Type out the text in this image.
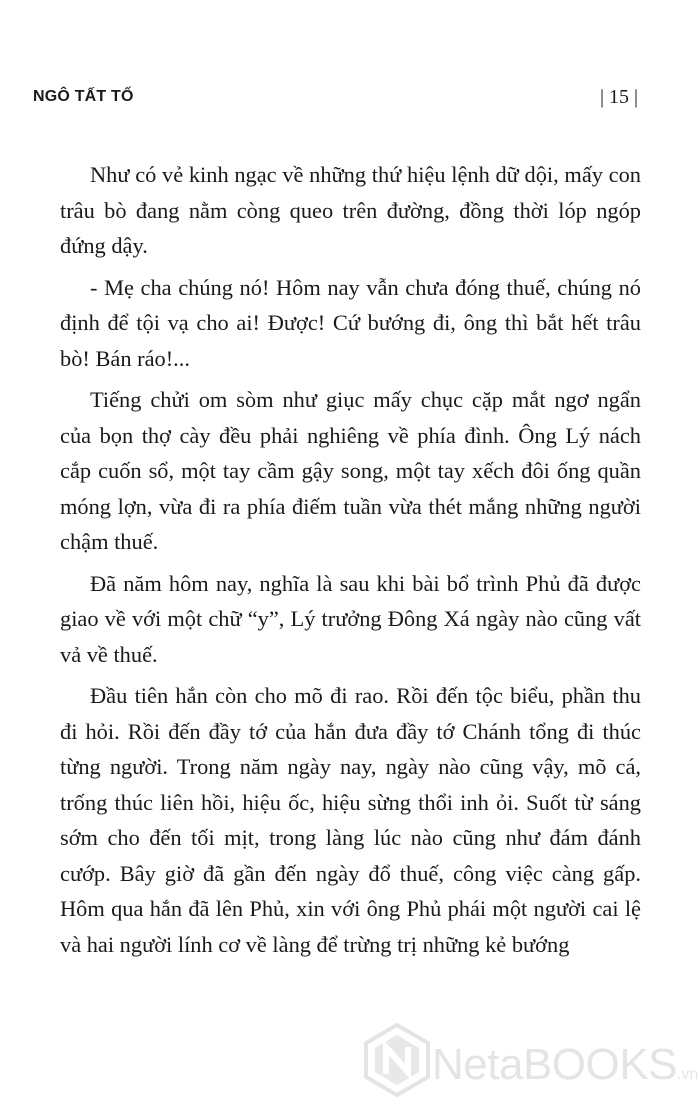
NGÔ TẤT TỐ	| 15 |

Như có vẻ kinh ngạc về những thứ hiệu lệnh dữ dội, mấy con trâu bò đang nằm còng queo trên đường, đồng thời lóp ngóp đứng dậy.

- Mẹ cha chúng nó! Hôm nay vẫn chưa đóng thuế, chúng nó định để tội vạ cho ai! Được! Cứ bướng đi, ông thì bắt hết trâu bò! Bán ráo!...

Tiếng chửi om sòm như giục mấy chục cặp mắt ngơ ngẩn của bọn thợ cày đều phải nghiêng về phía đình. Ông Lý nách cắp cuốn sổ, một tay cầm gậy song, một tay xếch đôi ống quần móng lợn, vừa đi ra phía điếm tuần vừa thét mắng những người chậm thuế.

Đã năm hôm nay, nghĩa là sau khi bài bổ trình Phủ đã được giao về với một chữ “y”, Lý trưởng Đông Xá ngày nào cũng vất vả về thuế.

Đầu tiên hắn còn cho mõ đi rao. Rồi đến tộc biểu, phần thu đi hỏi. Rồi đến đầy tớ của hắn đưa đầy tớ Chánh tổng đi thúc từng người. Trong năm ngày nay, ngày nào cũng vậy, mõ cá, trống thúc liên hồi, hiệu ốc, hiệu sừng thổi inh ỏi. Suốt từ sáng sớm cho đến tối mịt, trong làng lúc nào cũng như đám đánh cướp. Bây giờ đã gần đến ngày đổ thuế, công việc càng gấp. Hôm qua hắn đã lên Phủ, xin với ông Phủ phái một người cai lệ và hai người lính cơ về làng để trừng trị những kẻ bướng

NetaBOOKS.vn
